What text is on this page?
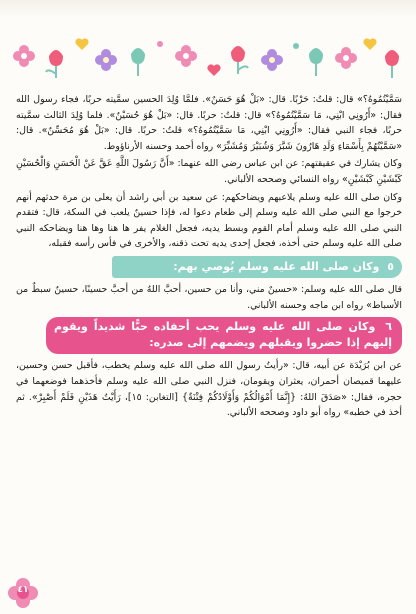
سَمَّيْتُمُوهُ؟» قال: قلتُ: حَرْبًا. قال: «بَلْ هُوَ حَسَنٌ». فلمَّا وُلِدَ الحسين سمَّيته حربًا، فجاء رسول الله فقال: «أَرُونِي ابْنِي، مَا سَمَّيْتُمُوهُ؟» قال: قلتُ: حربًا. قال: «بَلْ هُوَ حُسَيْنٌ». فلما وُلِدَ الثالث سمَّيته حربًا، فجاء النبي فقال: «أَرُونِي ابْنِي، مَا سَمَّيْتُمُوهُ؟» قلتُ: حربًا. قال: «بَلْ هُوَ مُحَسِّنٌ». قال: «سَمَّيْتُهُمْ بِأَسْمَاءِ وَلَدِ هَارُونَ شَبَّرَ وَشُبَيْرَ وَمُشَبِّرَ» رواه أحمد وحسنه الأرناؤوط.

وكان يشارك في عقيقتهم: عن ابن عباس رضي الله عنهما: «أَنَّ رَسُولَ اللَّهِ عَقَّ عَنْ الْحَسَنِ وَالْحُسَيْنِ كَبْشَيْنِ كَبْشَيْنِ» رواه النسائي وصححه الألباني.

وكان صلى الله عليه وسلم يلاعبهم ويضاحكهم: عن سعيد بن أبي راشد أن يعلى بن مرة حدثهم أنهم خرجوا مع النبي صلى الله عليه وسلم إلى طعام دعوا له، فإذا حسينٌ يلعب في السكة، قال: فتقدم النبي صلى الله عليه وسلم أمام القوم وبسط يديه، فجعل الغلام يفر ها هنا وها هنا ويضاحكه النبي صلى الله عليه وسلم حتى أخذه، فجعل إحدى يديه تحت ذقنه، والأخرى في فأس رأسه فقبله،

٥ وكان صلى الله عليه وسلم يُوصي بهم:

قال صلى الله عليه وسلم: «حسينٌ مني، وأنا من حسين، أحبَّ اللهُ من أحبَّ حسينًا، حسينٌ سبطٌ من الأسباط» رواه ابن ماجه وحسنه الألباني.

٦ وكان صلى الله عليه وسلم يحب أحفاده حبًّا شديداً ويقوم إليهم إذا حضروا ويقبلهم ويضمهم إلى صدره:

عن ابن بُرَيْدَة عن أبيه، قال: «رأيتُ رسول الله صلى الله عليه وسلم يخطب، فأقبل حسن وحسين، عليهما قميصان أحمران، يعثران ويقومان، فنزل النبي صلى الله عليه وسلم فأخذهما فوضعهما في حجره، فقال: «صَدَقَ اللهُ: {إِنَّمَا أَمْوَالُكُمْ وَأَوْلَادُكُمْ فِتْنَةٌ} [التغابن: ١٥]، رَأَيْتُ هَذَيْنِ فَلَمْ أَصْبِرْ». ثم أخذ في خطبه» رواه أبو داود وصححه الألباني.

٤١
